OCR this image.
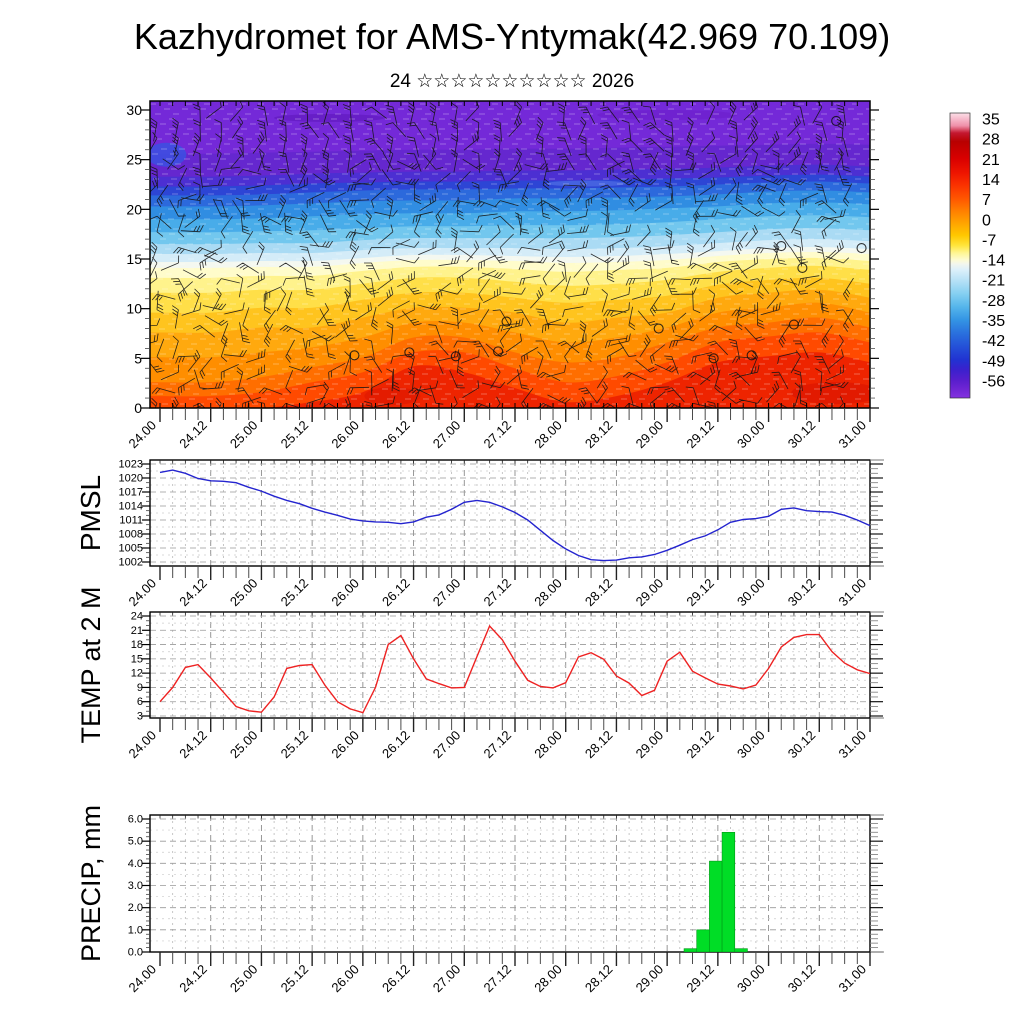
Kazhydromet for AMS-Yntymak(42.969 70.109)
24 ☆☆☆☆☆☆☆☆☆☆ 2026
0
5
10
15
20
25
30
24.00 24.12 25.00 25.12 26.00 26.12 27.00 27.12 28.00 28.12 29.00 29.12 30.00 30.12 31.00
35
28
21
14
7
0
-7
-14
-21
-28
-35
-42
-49
-56
1002
1005
1008
1011
1014
1017
1020
1023
24.00 24.12 25.00 25.12 26.00 26.12 27.00 27.12 28.00 28.12 29.00 29.12 30.00 30.12 31.00
PMSL
3
6
9
12
15
18
21
24
24.00 24.12 25.00 25.12 26.00 26.12 27.00 27.12 28.00 28.12 29.00 29.12 30.00 30.12 31.00
TEMP at 2 M
0.0
1.0
2.0
3.0
4.0
5.0
6.0
24.00 24.12 25.00 25.12 26.00 26.12 27.00 27.12 28.00 28.12 29.00 29.12 30.00 30.12 31.00
PRECIP, mm
